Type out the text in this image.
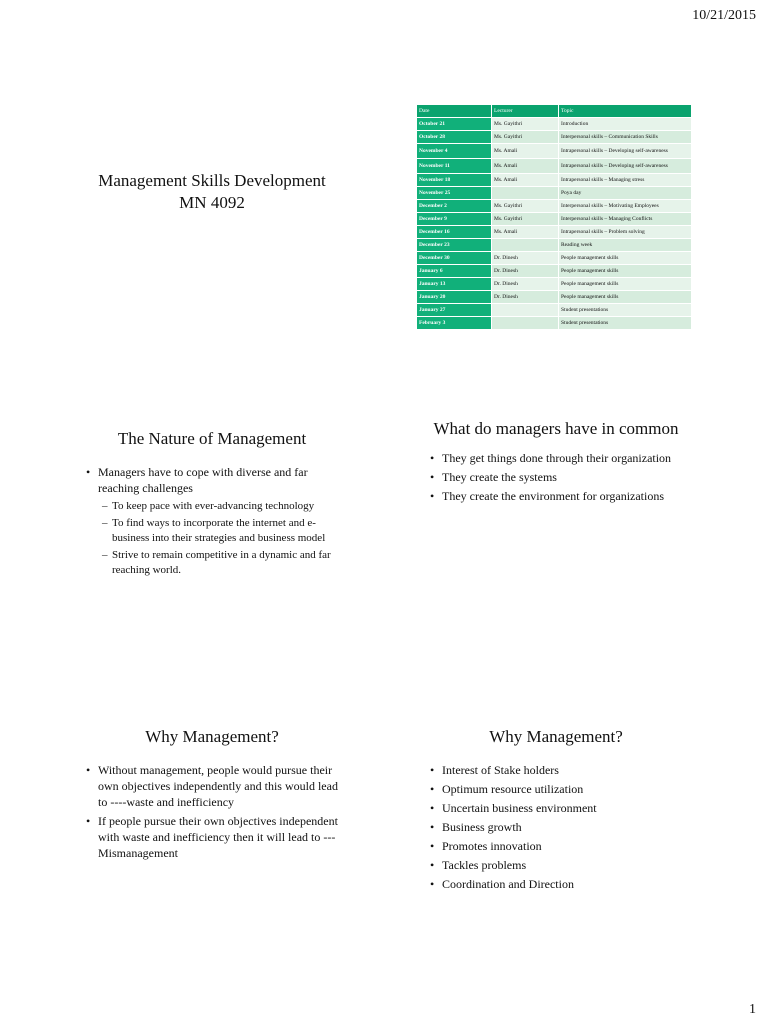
10/21/2015
Management Skills Development
MN 4092
Date	Lecturer	Topic
October 21	Ms. Gayithri	Introduction
October 28	Ms. Gayithri	Interpersonal skills – Communication Skills
November 4	Ms. Amali	Intrapersonal skills – Developing self-awareness
November 11	Ms. Amali	Intrapersonal skills – Developing self-awareness
November 18	Ms. Amali	Intrapersonal skills – Managing stress
November 25		Poya day
December 2	Ms. Gayithri	Interpersonal skills – Motivating Employees
December 9	Ms. Gayithri	Interpersonal skills – Managing Conflicts
December 16	Ms. Amali	Intrapersonal skills – Problem solving
December 23		Reading week
December 30	Dr. Dinesh	People management skills
January 6	Dr. Dinesh	People management skills
January 13	Dr. Dinesh	People management skills
January 20	Dr. Dinesh	People management skills
January 27		Student presentations
February 3		Student presentations
The Nature of Management
• Managers have to cope with diverse and far reaching challenges
– To keep pace with ever-advancing technology
– To find ways to incorporate the internet and e-business into their strategies and business model
– Strive to remain competitive in a dynamic and far reaching world.
What do managers have in common
• They get things done through their organization
• They create the systems
• They create the environment for organizations
Why Management?
• Without management, people would pursue their own objectives independently and this would lead to ----waste and inefficiency
• If people pursue their own objectives independent with waste and inefficiency then it will lead to --- Mismanagement
Why Management?
• Interest of Stake holders
• Optimum resource utilization
• Uncertain business environment
• Business growth
• Promotes innovation
• Tackles problems
• Coordination and Direction
1
